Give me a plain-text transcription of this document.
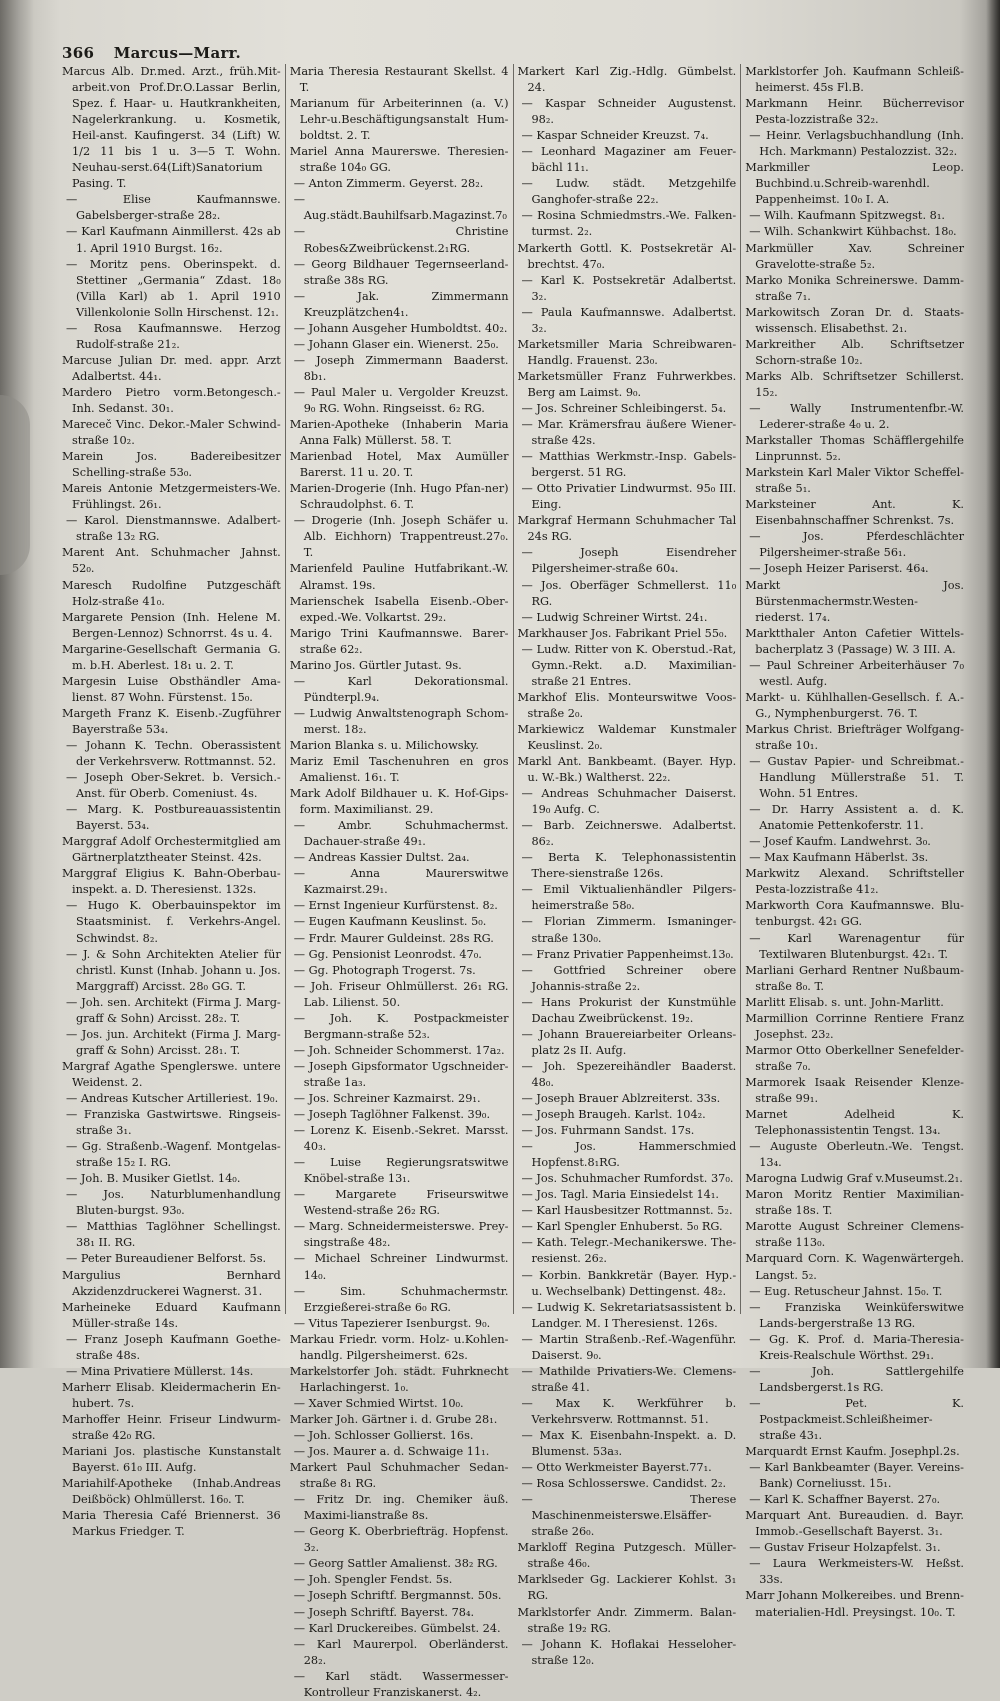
366 Marcus—Marr.

Marcus Alb. Dr.med. Arzt., früh.Mit-arbeit.von Prof.Dr.O.Lassar Berlin, Spez. f. Haar- u. Hautkrankheiten, Nagelerkrankung. u. Kosmetik, Heil-anst. Kaufingerst. 34 (Lift) W. 1/2 11 bis 1 u. 3—5 T. Wohn. Neuhau-serst.64(Lift)Sanatorium Pasing. T.

— Elise Kaufmannswe. Gabelsberger-straße 28₂.

— Karl Kaufmann Ainmillerst. 42s ab 1. April 1910 Burgst. 16₂.

— Moritz pens. Oberinspekt. d. Stettiner „Germania“ Zdast. 18₀ (Villa Karl) ab 1. April 1910 Villenkolonie Solln Hirschenst. 12₁.

— Rosa Kaufmannswe. Herzog Rudolf-straße 21₂.

Marcuse Julian Dr. med. appr. Arzt Adalbertst. 44₁.

Mardero Pietro vorm.Betongesch.-Inh. Sedanst. 30₁.

Mareceč Vinc. Dekor.-Maler Schwind-straße 10₂.

Marein Jos. Badereibesitzer Schelling-straße 53₀.

Mareis Antonie Metzgermeisters-We. Frühlingst. 26₁.

— Karol. Dienstmannswe. Adalbert-straße 13₂ RG.

Marent Ant. Schuhmacher Jahnst. 52₀.

Maresch Rudolfine Putzgeschäft Holz-straße 41₀.

Margarete Pension (Inh. Helene M. Bergen-Lennoz) Schnorrst. 4s u. 4.

Margarine-Gesellschaft Germania G. m. b.H. Aberlest. 18₁ u. 2. T.

Margesin Luise Obsthändler Ama-lienst. 87 Wohn. Fürstenst. 15₀.

Margeth Franz K. Eisenb.-Zugführer Bayerstraße 53₄.

— Johann K. Techn. Oberassistent der Verkehrsverw. Rottmannst. 52.

— Joseph Ober-Sekret. b. Versich.-Anst. für Oberb. Comeniust. 4s.

— Marg. K. Postbureauassistentin Bayerst. 53₄.

Marggraf Adolf Orchestermitglied am Gärtnerplatztheater Steinst. 42s.

Marggraf Eligius K. Bahn-Oberbau-inspekt. a. D. Theresienst. 132s.

— Hugo K. Oberbauinspektor im Staatsminist. f. Verkehrs-Angel. Schwindst. 8₂.

— J. & Sohn Architekten Atelier für christl. Kunst (Inhab. Johann u. Jos. Marggraff) Arcisst. 28₀ GG. T.

— Joh. sen. Architekt (Firma J. Marg-graff & Sohn) Arcisst. 28₂. T.

— Jos. jun. Architekt (Firma J. Marg-graff & Sohn) Arcisst. 28₁. T.

Margraf Agathe Spenglerswe. untere Weidenst. 2.

— Andreas Kutscher Artilleriest. 19₀.

— Franziska Gastwirtswe. Ringseis-straße 3₁.

— Gg. Straßenb.-Wagenf. Montgelas-straße 15₂ I. RG.

— Joh. B. Musiker Gietlst. 14₀.

— Jos. Naturblumenhandlung Bluten-burgst. 93₀.

— Matthias Taglöhner Schellingst. 38₁ II. RG.

— Peter Bureaudiener Belforst. 5s.

Margulius Bernhard Akzidenzdruckerei Wagnerst. 31.

Marheineke Eduard Kaufmann Müller-straße 14s.

— Franz Joseph Kaufmann Goethe-straße 48s.

— Mina Privatiere Müllerst. 14s.

Marherr Elisab. Kleidermacherin En-hubert. 7s.

Marhoffer Heinr. Friseur Lindwurm-straße 42₀ RG.

Mariani Jos. plastische Kunstanstalt Bayerst. 61₀ III. Aufg.

Mariahilf-Apotheke (Inhab.Andreas Deißböck) Ohlmüllerst. 16₀. T.

Maria Theresia Café Briennerst. 36 Markus Friedger. T.

Maria Theresia Restaurant Skellst. 4 T.

Marianum für Arbeiterinnen (a. V.) Lehr-u.Beschäftigungsanstalt Hum-boldtst. 2. T.

Mariel Anna Maurerswe. Theresien-straße 104₀ GG.

— Anton Zimmerm. Geyerst. 28₂.

— Aug.städt.Bauhilfsarb.Magazinst.7₀

— Christine Robes&Zweibrückenst.2₁RG.

— Georg Bildhauer Tegernseerland-straße 38s RG.

— Jak. Zimmermann Kreuzplätzchen4₁.

— Johann Ausgeher Humboldtst. 40₂.

— Johann Glaser ein. Wienerst. 25₀.

— Joseph Zimmermann Baaderst. 8b₁.

— Paul Maler u. Vergolder Kreuzst. 9₀ RG. Wohn. Ringseisst. 6₂ RG.

Marien-Apotheke (Inhaberin Maria Anna Falk) Müllerst. 58. T.

Marienbad Hotel, Max Aumüller Barerst. 11 u. 20. T.

Marien-Drogerie (Inh. Hugo Pfan-ner) Schraudolphst. 6. T.

— Drogerie (Inh. Joseph Schäfer u. Alb. Eichhorn) Trappentreust.27₀. T.

Marienfeld Pauline Hutfabrikant.-W. Alramst. 19s.

Marienschek Isabella Eisenb.-Ober-exped.-We. Volkartst. 29₂.

Marigo Trini Kaufmannswe. Barer-straße 62₂.

Marino Jos. Gürtler Jutast. 9s.

— Karl Dekorationsmal. Pündterpl.9₄.

— Ludwig Anwaltstenograph Schom-merst. 18₂.

Marion Blanka s. u. Milichowsky.

Mariz Emil Taschenuhren en gros Amalienst. 16₁. T.

Mark Adolf Bildhauer u. K. Hof-Gips-form. Maximilianst. 29.

— Ambr. Schuhmachermst. Dachauer-straße 49₁.

— Andreas Kassier Dultst. 2a₄.

— Anna Maurerswitwe Kazmairst.29₁.

— Ernst Ingenieur Kurfürstenst. 8₂.

— Eugen Kaufmann Keuslinst. 5₀.

— Frdr. Maurer Guldeinst. 28s RG.

— Gg. Pensionist Leonrodst. 47₀.

— Gg. Photograph Trogerst. 7s.

— Joh. Friseur Ohlmüllerst. 26₁ RG. Lab. Lilienst. 50.

— Joh. K. Postpackmeister Bergmann-straße 52₃.

— Joh. Schneider Schommerst. 17a₂.

— Joseph Gipsformator Ugschneider-straße 1a₃.

— Jos. Schreiner Kazmairst. 29₁.

— Joseph Taglöhner Falkenst. 39₀.

— Lorenz K. Eisenb.-Sekret. Marsst. 40₃.

— Luise Regierungsratswitwe Knöbel-straße 13₁.

— Margarete Friseurswitwe Westend-straße 26₂ RG.

— Marg. Schneidermeisterswe. Prey-singstraße 48₂.

— Michael Schreiner Lindwurmst. 14₀.

— Sim. Schuhmachermstr. Erzgießerei-straße 6₀ RG.

— Vitus Tapezierer Isenburgst. 9₀.

Markau Friedr. vorm. Holz- u.Kohlen-handlg. Pilgersheimerst. 62s.

Markelstorfer Joh. städt. Fuhrknecht Harlachingerst. 1₀.

— Xaver Schmied Wirtst. 10₀.

Marker Joh. Gärtner i. d. Grube 28₁.

— Joh. Schlosser Gollierst. 16s.

— Jos. Maurer a. d. Schwaige 11₁.

Markert Paul Schuhmacher Sedan-straße 8₁ RG.

— Fritz Dr. ing. Chemiker äuß. Maximi-lianstraße 8s.

— Georg K. Oberbriefträg. Hopfenst. 3₂.

— Georg Sattler Amalienst. 38₂ RG.

— Joh. Spengler Fendst. 5s.

— Joseph Schriftf. Bergmannst. 50s.

— Joseph Schriftf. Bayerst. 78₄.

— Karl Druckereibes. Gümbelst. 24.

— Karl Maurerpol. Oberländerst. 28₂.

— Karl städt. Wassermesser-Kontrolleur Franziskanerst. 4₂.

Markert Karl Zig.-Hdlg. Gümbelst. 24.

— Kaspar Schneider Augustenst. 98₂.

— Kaspar Schneider Kreuzst. 7₄.

— Leonhard Magaziner am Feuer-bächl 11₁.

— Ludw. städt. Metzgehilfe Ganghofer-straße 22₂.

— Rosina Schmiedmstrs.-We. Falken-turmst. 2₂.

Markerth Gottl. K. Postsekretär Al-brechtst. 47₀.

— Karl K. Postsekretär Adalbertst. 3₂.

— Paula Kaufmannswe. Adalbertst. 3₂.

Marketsmiller Maria Schreibwaren-Handlg. Frauenst. 23₀.

Marketsmüller Franz Fuhrwerkbes. Berg am Laimst. 9₀.

— Jos. Schreiner Schleibingerst. 5₄.

— Mar. Krämersfrau äußere Wiener-straße 42s.

— Matthias Werkmstr.-Insp. Gabels-bergerst. 51 RG.

— Otto Privatier Lindwurmst. 95₀ III. Eing.

Markgraf Hermann Schuhmacher Tal 24s RG.

— Joseph Eisendreher Pilgersheimer-straße 60₄.

— Jos. Oberfäger Schmellerst. 11₀ RG.

— Ludwig Schreiner Wirtst. 24₁.

Markhauser Jos. Fabrikant Priel 55₀.

— Ludw. Ritter von K. Oberstud.-Rat, Gymn.-Rekt. a.D. Maximilian-straße 21 Entres.

Markhof Elis. Monteurswitwe Voos-straße 2₀.

Markiewicz Waldemar Kunstmaler Keuslinst. 2₀.

Markl Ant. Bankbeamt. (Bayer. Hyp. u. W.-Bk.) Waltherst. 22₂.

— Andreas Schuhmacher Daiserst. 19₀ Aufg. C.

— Barb. Zeichnerswe. Adalbertst. 86₂.

— Berta K. Telephonassistentin There-sienstraße 126s.

— Emil Viktualienhändler Pilgers-heimerstraße 58₀.

— Florian Zimmerm. Ismaninger-straße 130₀.

— Franz Privatier Pappenheimst.13₀.

— Gottfried Schreiner obere Johannis-straße 2₂.

— Hans Prokurist der Kunstmühle Dachau Zweibrückenst. 19₂.

— Johann Brauereiarbeiter Orleans-platz 2s II. Aufg.

— Joh. Spezereihändler Baaderst. 48₀.

— Joseph Brauer Ablzreiterst. 33s.

— Joseph Braugeh. Karlst. 104₂.

— Jos. Fuhrmann Sandst. 17s.

— Jos. Hammerschmied Hopfenst.8₁RG.

— Jos. Schuhmacher Rumfordst. 37₀.

— Jos. Tagl. Maria Einsiedelst 14₁.

— Karl Hausbesitzer Rottmannst. 5₂.

— Karl Spengler Enhuberst. 5₀ RG.

— Kath. Telegr.-Mechanikerswe. The-resienst. 26₂.

— Korbin. Bankkretär (Bayer. Hyp.- u. Wechselbank) Dettingenst. 48₂.

— Ludwig K. Sekretariatsassistent b. Landger. M. I Theresienst. 126s.

— Martin Straßenb.-Ref.-Wagenführ. Daiserst. 9₀.

— Mathilde Privatiers-We. Clemens-straße 41.

— Max K. Werkführer b. Verkehrsverw. Rottmannst. 51.

— Max K. Eisenbahn-Inspekt. a. D. Blumenst. 53a₃.

— Otto Werkmeister Bayerst.77₁.

— Rosa Schlosserswe. Candidst. 2₂.

— Therese Maschinenmeisterswe.Elsäffer-straße 26₀.

Markloff Regina Putzgesch. Müller-straße 46₀.

Marklseder Gg. Lackierer Kohlst. 3₁ RG.

Marklstorfer Andr. Zimmerm. Balan-straße 19₂ RG.

— Johann K. Hoflakai Hesseloher-straße 12₀.

Marklstorfer Joh. Kaufmann Schleiß-heimerst. 45s Fl.B.

Markmann Heinr. Bücherrevisor Pesta-lozzistraße 32₂.

— Heinr. Verlagsbuchhandlung (Inh. Hch. Markmann) Pestalozzist. 32₂.

Markmiller Leop. Buchbind.u.Schreib-warenhdl. Pappenheimst. 10₀ I. A.

— Wilh. Kaufmann Spitzwegst. 8₁.

— Wilh. Schankwirt Kühbachst. 18₀.

Markmüller Xav. Schreiner Gravelotte-straße 5₂.

Marko Monika Schreinerswe. Damm-straße 7₁.

Markowitsch Zoran Dr. d. Staats-wissensch. Elisabethst. 2₁.

Markreither Alb. Schriftsetzer Schorn-straße 10₂.

Marks Alb. Schriftsetzer Schillerst. 15₂.

— Wally Instrumentenfbr.-W. Lederer-straße 4₀ u. 2.

Markstaller Thomas Schäfflergehilfe Linprunnst. 5₂.

Markstein Karl Maler Viktor Scheffel-straße 5₁.

Marksteiner Ant. K. Eisenbahnschaffner Schrenkst. 7s.

— Jos. Pferdeschlächter Pilgersheimer-straße 56₁.

— Joseph Heizer Pariserst. 46₄.

Markt Jos. Bürstenmachermstr.Westen-riederst. 17₄.

Marktthaler Anton Cafetier Wittels-bacherplatz 3 (Passage) W. 3 III. A.

— Paul Schreiner Arbeiterhäuser 7₀ westl. Aufg.

Markt- u. Kühlhallen-Gesellsch. f. A.-G., Nymphenburgerst. 76. T.

Markus Christ. Briefträger Wolfgang-straße 10₁.

— Gustav Papier- und Schreibmat.-Handlung Müllerstraße 51. T. Wohn. 51 Entres.

— Dr. Harry Assistent a. d. K. Anatomie Pettenkoferstr. 11.

— Josef Kaufm. Landwehrst. 3₀.

— Max Kaufmann Häberlst. 3s.

Markwitz Alexand. Schriftsteller Pesta-lozzistraße 41₂.

Markworth Cora Kaufmannswe. Blu-tenburgst. 42₁ GG.

— Karl Warenagentur für Textilwaren Blutenburgst. 42₁. T.

Marliani Gerhard Rentner Nußbaum-straße 8₀. T.

Marlitt Elisab. s. unt. John-Marlitt.

Marmillion Corrinne Rentiere Franz Josephst. 23₂.

Marmor Otto Oberkellner Senefelder-straße 7₀.

Marmorek Isaak Reisender Klenze-straße 99₁.

Marnet Adelheid K. Telephonassistentin Tengst. 13₄.

— Auguste Oberleutn.-We. Tengst. 13₄.

Marogna Ludwig Graf v.Museumst.2₁.

Maron Moritz Rentier Maximilian-straße 18s. T.

Marotte August Schreiner Clemens-straße 113₀.

Marquard Corn. K. Wagenwärtergeh. Langst. 5₂.

— Eug. Retuscheur Jahnst. 15₀. T.

— Franziska Weinküferswitwe Lands-bergerstraße 13 RG.

— Gg. K. Prof. d. Maria-Theresia-Kreis-Realschule Wörthst. 29₁.

— Joh. Sattlergehilfe Landsbergerst.1s RG.

— Pet. K. Postpackmeist.Schleißheimer-straße 43₁.

Marquardt Ernst Kaufm. Josephpl.2s.

— Karl Bankbeamter (Bayer. Vereins-Bank) Corneliusst. 15₁.

— Karl K. Schaffner Bayerst. 27₀.

Marquart Ant. Bureaudien. d. Bayr. Immob.-Gesellschaft Bayerst. 3₁.

— Gustav Friseur Holzapfelst. 3₁.

— Laura Werkmeisters-W. Heßst. 33s.

Marr Johann Molkereibes. und Brenn-materialien-Hdl. Preysingst. 10₀. T.
